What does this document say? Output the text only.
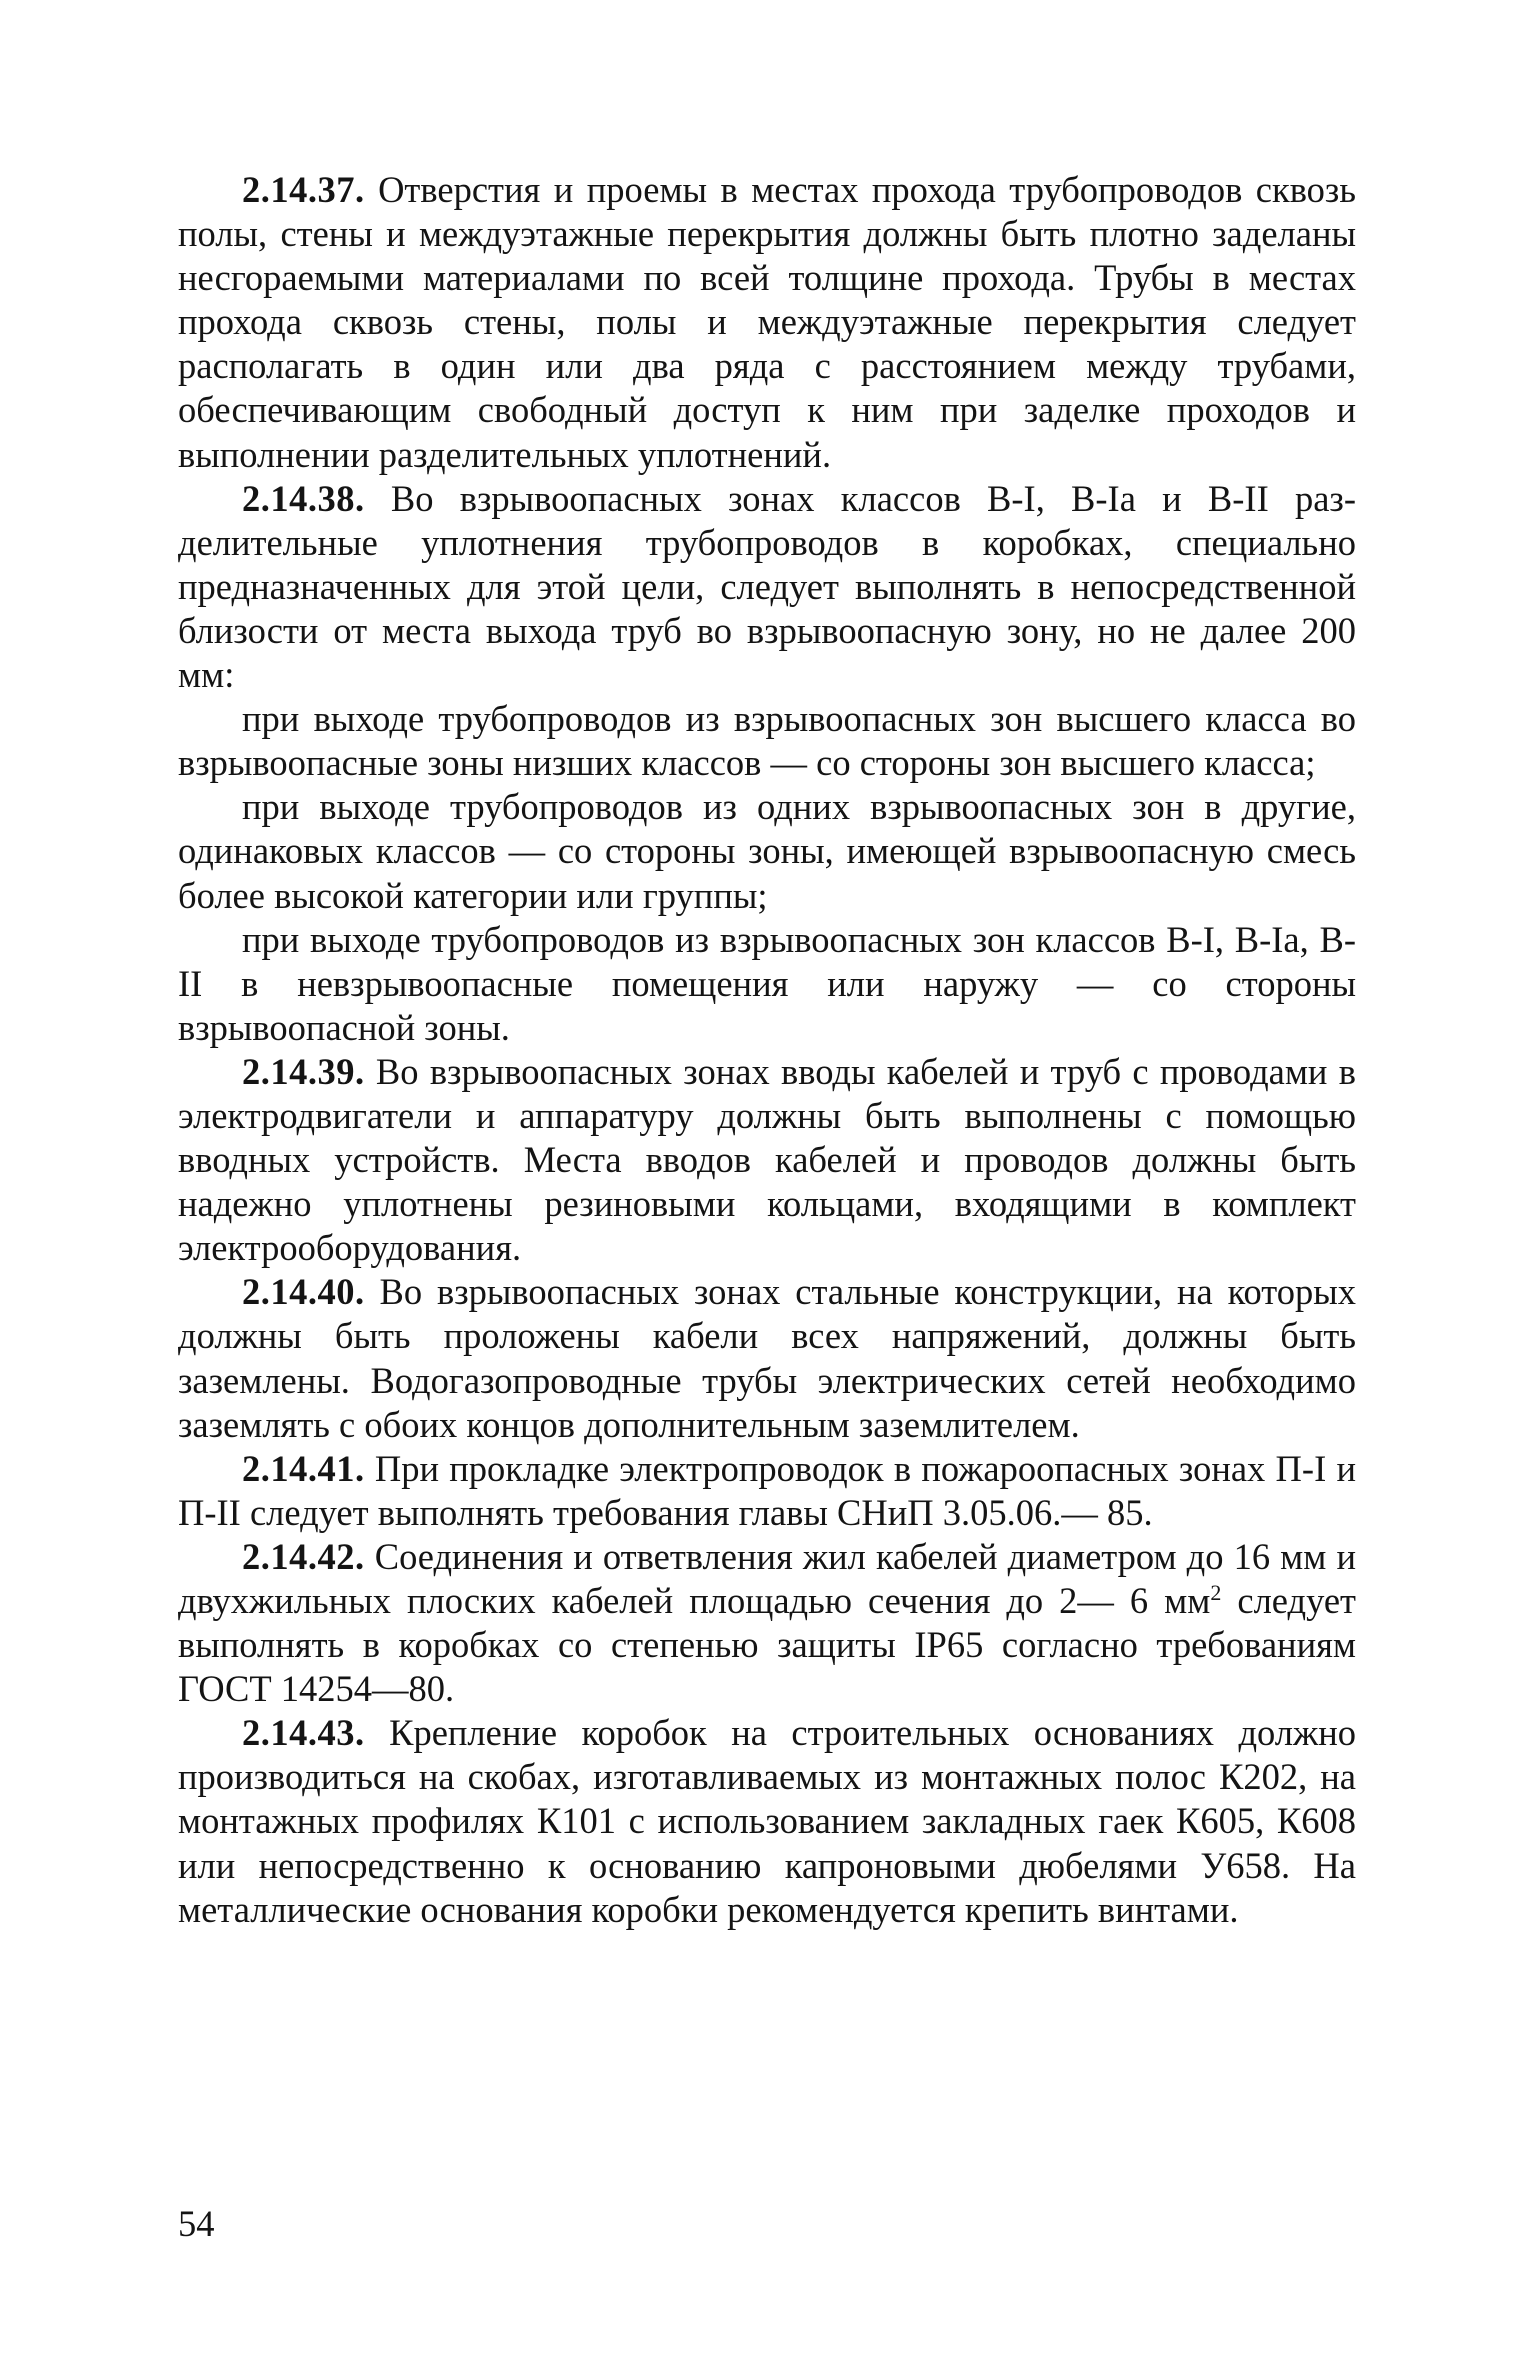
2.14.37. Отверстия и проемы в местах прохода трубопроводов сквозь полы, стены и междуэтажные перекрытия должны быть плотно заделаны несгораемыми материалами по всей толщине прохода. Трубы в местах прохода сквозь стены, полы и междуэтажные перекрытия следует располагать в один или два ряда с расстоянием между трубами, обеспечивающим свободный доступ к ним при заделке проходов и выполнении разделительных уплотнений.

2.14.38. Во взрывоопасных зонах классов В-I, В-Iа и В-II разделительные уплотнения трубопроводов в коробках, специально предназначенных для этой цели, следует выполнять в непосредственной близости от места выхода труб во взрывоопасную зону, но не далее 200 мм:

при выходе трубопроводов из взрывоопасных зон высшего класса во взрывоопасные зоны низших классов — со стороны зон высшего класса;

при выходе трубопроводов из одних взрывоопасных зон в другие, одинаковых классов — со стороны зоны, имеющей взрывоопасную смесь более высокой категории или группы;

при выходе трубопроводов из взрывоопасных зон классов В-I, В-Iа, В-II в невзрывоопасные помещения или наружу — со стороны взрывоопасной зоны.

2.14.39. Во взрывоопасных зонах вводы кабелей и труб с проводами в электродвигатели и аппаратуру должны быть выполнены с помощью вводных устройств. Места вводов кабелей и проводов должны быть надежно уплотнены резиновыми кольцами, входящими в комплект электрооборудования.

2.14.40. Во взрывоопасных зонах стальные конструкции, на которых должны быть проложены кабели всех напряжений, должны быть заземлены. Водогазопроводные трубы электрических сетей необходимо заземлять с обоих концов дополнительным заземлителем.

2.14.41. При прокладке электропроводок в пожароопасных зонах П-I и П-II следует выполнять требования главы СНиП 3.05.06.— 85.

2.14.42. Соединения и ответвления жил кабелей диаметром до 16 мм и двухжильных плоских кабелей площадью сечения до 2— 6 $мм^2$ следует выполнять в коробках со степенью защиты IP65 согласно требованиям ГОСТ 14254—80.

2.14.43. Крепление коробок на строительных основаниях должно производиться на скобах, изготавливаемых из монтажных полос К202, на монтажных профилях К101 с использованием закладных гаек К605, К608 или непосредственно к основанию капроновыми дюбелями У658. На металлические основания коробки рекомендуется крепить винтами.

54
